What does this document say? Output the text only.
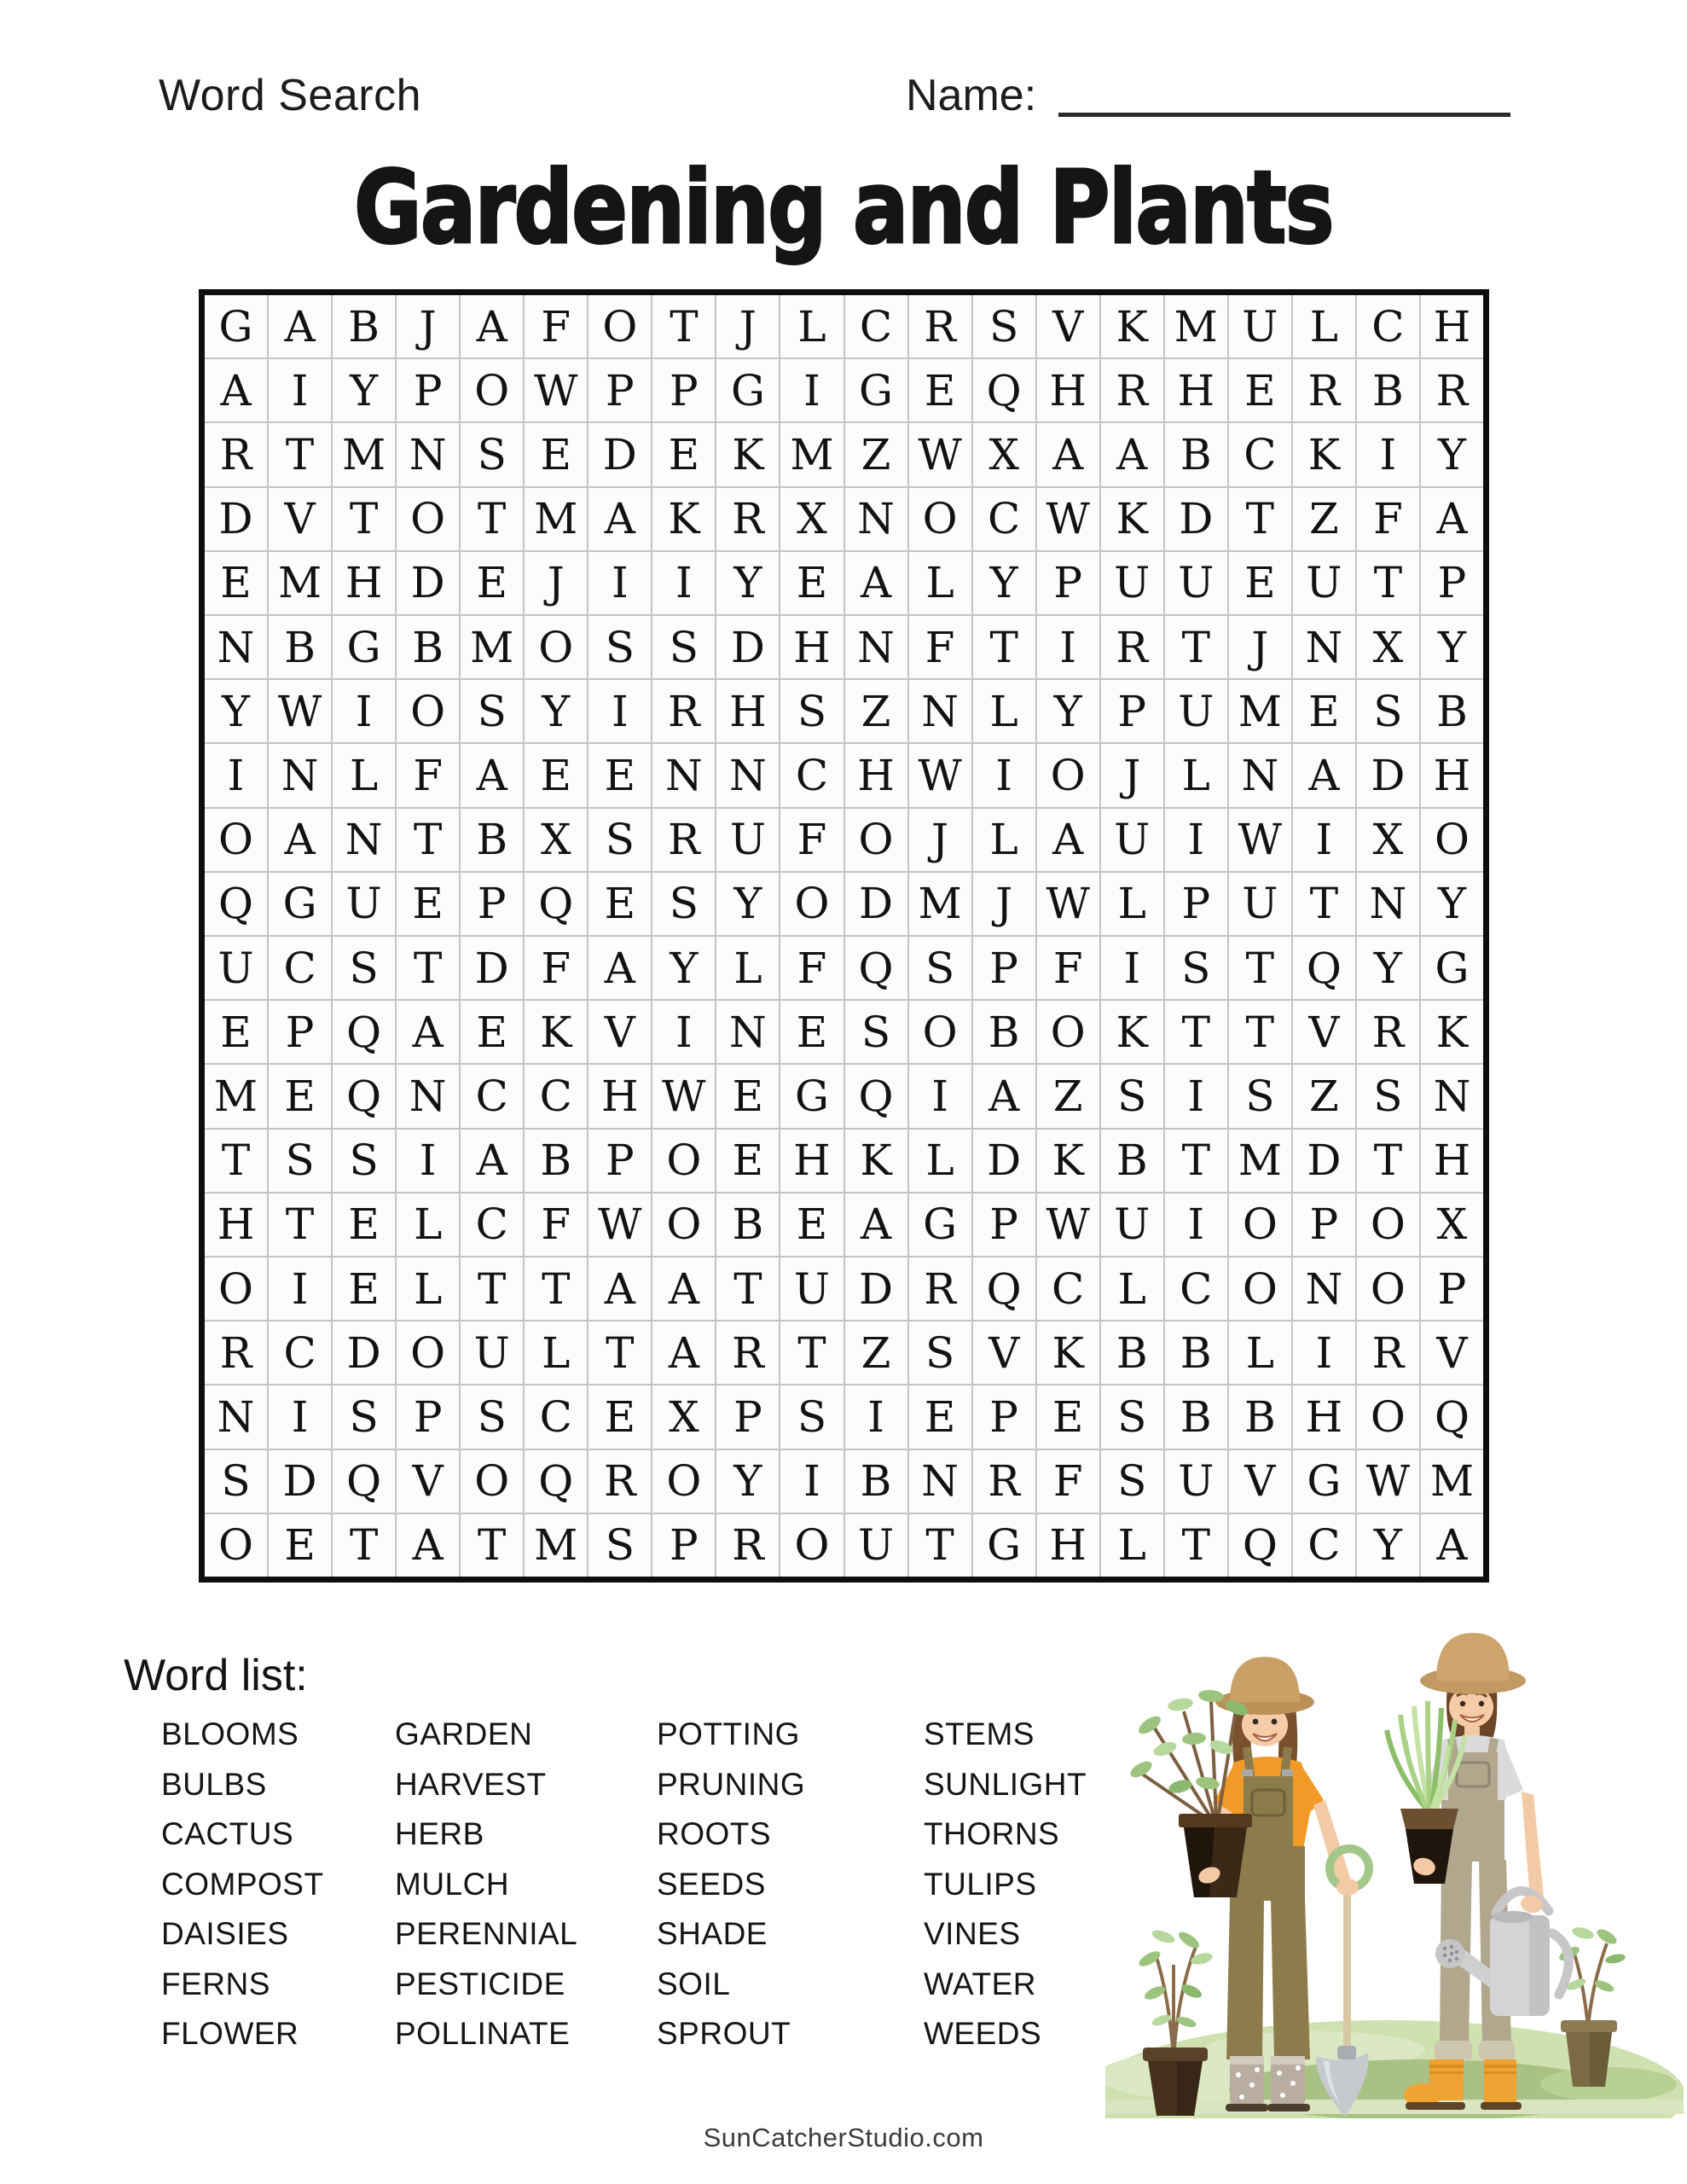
Word Search	Name:
Gardening and Plants
G A B J A F O T J L C R S V K M U L C H
A I Y P O W P P G I G E Q H R H E R B R
R T M N S E D E K M Z W X A A B C K I Y
D V T O T M A K R X N O C W K D T Z F A
E M H D E J	I	I Y E A L Y P U U E U T P
N B G B M O S S D H N F T I R T J N X Y
Y W I O S Y I R H S Z N L Y P U M E S B
I N L F A E E N N C H W I O J L N A D H
O A N T B X S R U F O J L A U I W I X O
Q G U E P Q E S Y O D M J W L P U T N Y
U C S T D F A Y L F Q S P F I S T Q Y G
E P Q A E K V I N E S O B O K T T V R K
M E Q N C C H W E G Q I A Z S I S Z S N
T S S I A B P O E H K L D K B T M D T H
H T E L C F W O B E A G P W U I O P O X
O I E L T T A A T U D R Q C L C O N O P
R C D O U L T A R T Z S V K B B L I R V
N I S P S C E X P S I E P E S B B H O Q
S D Q V O Q R O Y I B N R F S U V G W M
O E T A T M S P R O U T G H L T Q C Y A
Word list:
BLOOMS
BULBS
CACTUS
COMPOST
DAISIES
FERNS
FLOWER
GARDEN
HARVEST
HERB
MULCH
PERENNIAL
PESTICIDE
POLLINATE
POTTING
PRUNING
ROOTS
SEEDS
SHADE
SOIL
SPROUT
STEMS
SUNLIGHT
THORNS
TULIPS
VINES
WATER
WEEDS
SunCatcherStudio.com
